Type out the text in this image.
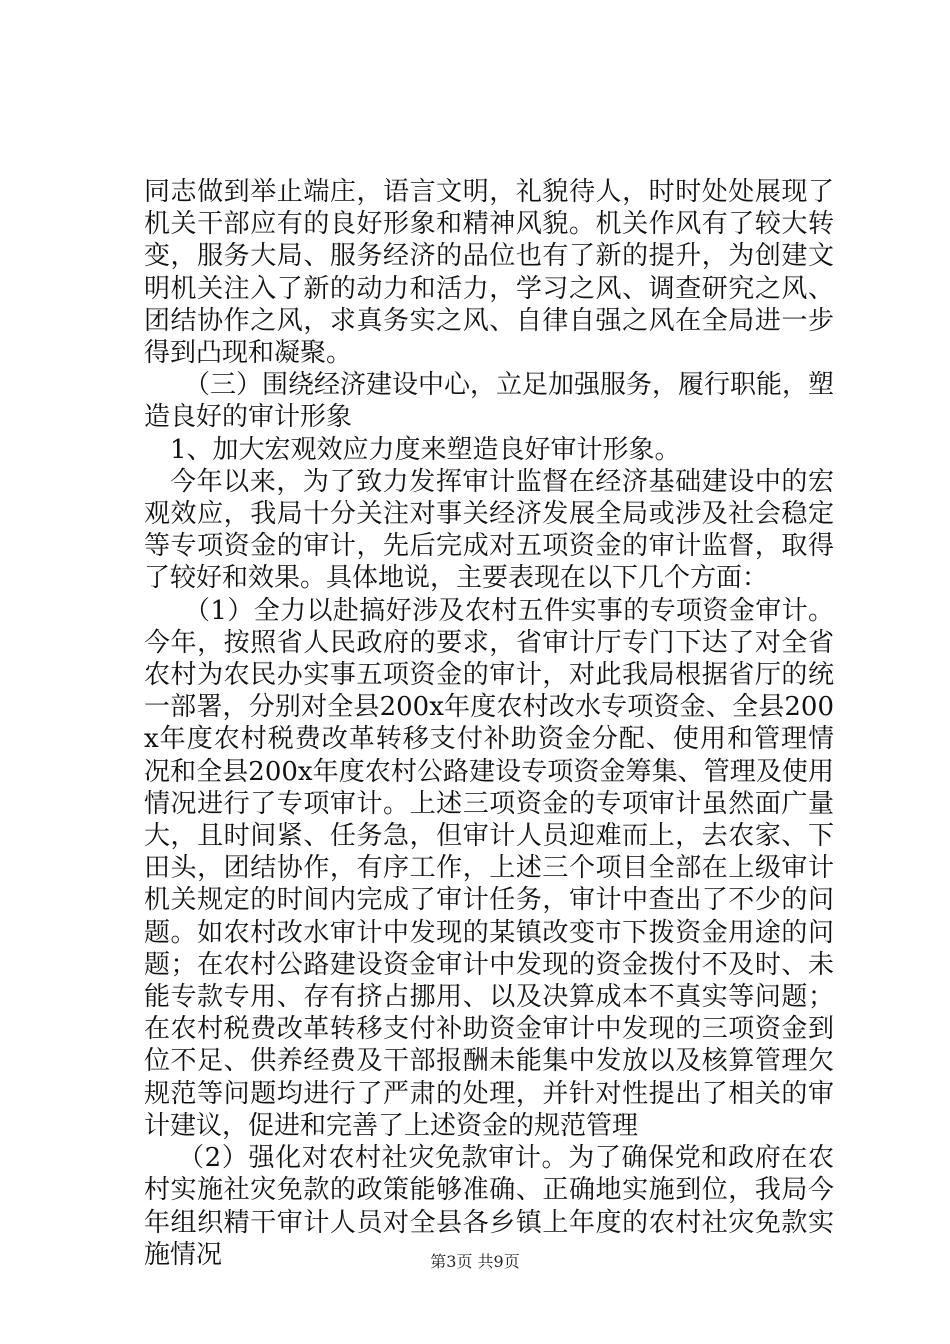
同志做到举止端庄，语言文明，礼貌待人，时时处处展现了机关干部应有的良好形象和精神风貌。机关作风有了较大转变，服务大局、服务经济的品位也有了新的提升，为创建文明机关注入了新的动力和活力，学习之风、调查研究之风、团结协作之风，求真务实之风、自律自强之风在全局进一步得到凸现和凝聚。

（三）围绕经济建设中心，立足加强服务，履行职能，塑造良好的审计形象

1、加大宏观效应力度来塑造良好审计形象。

今年以来，为了致力发挥审计监督在经济基础建设中的宏观效应，我局十分关注对事关经济发展全局或涉及社会稳定等专项资金的审计，先后完成对五项资金的审计监督，取得了较好和效果。具体地说，主要表现在以下几个方面：

（1）全力以赴搞好涉及农村五件实事的专项资金审计。今年，按照省人民政府的要求，省审计厅专门下达了对全省农村为农民办实事五项资金的审计，对此我局根据省厅的统一部署，分别对全县200x年度农村改水专项资金、全县200x年度农村税费改革转移支付补助资金分配、使用和管理情况和全县200x年度农村公路建设专项资金筹集、管理及使用情况进行了专项审计。上述三项资金的专项审计虽然面广量大，且时间紧、任务急，但审计人员迎难而上，去农家、下田头，团结协作，有序工作，上述三个项目全部在上级审计机关规定的时间内完成了审计任务，审计中查出了不少的问题。如农村改水审计中发现的某镇改变市下拨资金用途的问题；在农村公路建设资金审计中发现的资金拨付不及时、未能专款专用、存有挤占挪用、以及决算成本不真实等问题；在农村税费改革转移支付补助资金审计中发现的三项资金到位不足、供养经费及干部报酬未能集中发放以及核算管理欠规范等问题均进行了严肃的处理，并针对性提出了相关的审计建议，促进和完善了上述资金的规范管理

（2）强化对农村社灾免款审计。为了确保党和政府在农村实施社灾免款的政策能够准确、正确地实施到位，我局今年组织精干审计人员对全县各乡镇上年度的农村社灾免款实施情况	第3页 共9页
